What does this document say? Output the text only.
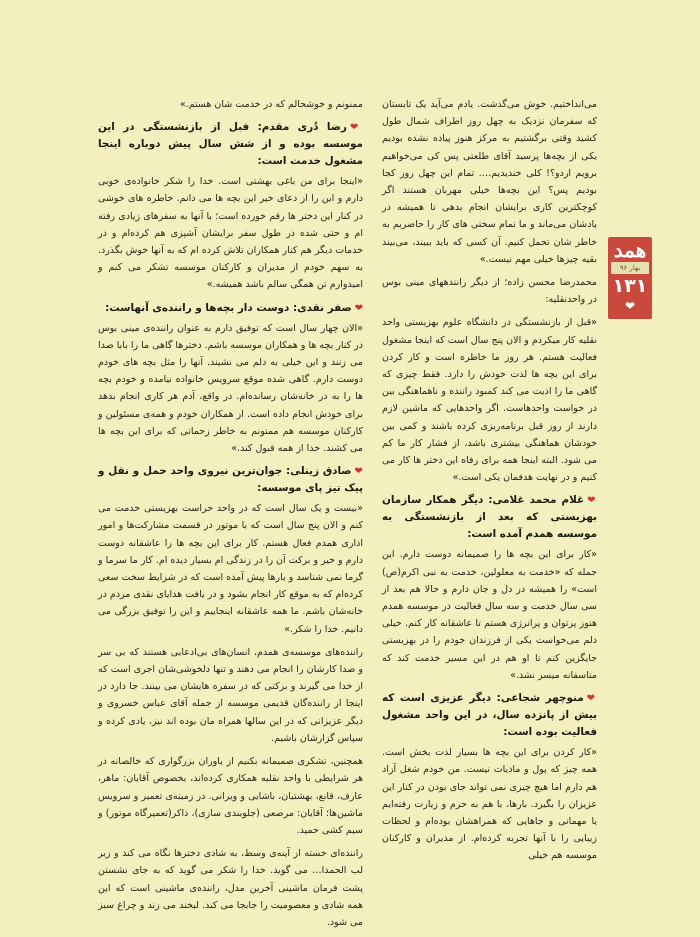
می‌انداختیم. خوش می‌گذشت. یادم می‌آید یک تابستان که سفرمان نزدیک به چهل روز اطراف شمال طول کشید وقتی برگشتیم به مرکز هنوز پیاده نشده بودیم یکی از بچه‌ها پرسید آقای طلعتی پس کی می‌خواهیم برویم اردو؟! کلی خندیدیم…. تمام این چهل روز کجا بودیم پس؟ این بچه‌ها خیلی مهربان هستند اگر کوچکترین کاری برایشان انجام بدهی تا همیشه در یادشان می‌ماند و ما تمام سختی های کار را حاضریم به خاطر شان تحمل کنیم. آن کسی که باید ببیند، می‌بیند بقیه چیزها خیلی مهم نیست.»

محمدرضا محسن زاده؛ از دیگر رانندههای مینی بوس در واحدنقلیه:

«قبل از بازنشستگی در دانشگاه علوم بهزیستی واحد نقلیه کار میکردم و الان پنج سال است که اینجا مشغول فعالیت هستم. هر روز ما خاطره است و کار کردن برای این بچه ها لذت خودش را دارد. فقط چیزی که گاهی ما را اذیت می کند کمبود راننده و ناهماهنگی بین در خواست واحدهاست. اگر واحدهایی که ماشین لازم دارند از روز قبل برنامه‌ریزی کرده باشند و کمی بین خودشان هماهنگی بیشتری باشد، از فشار کار ما کم می شود. البته اینجا همه برای رفاه این دختر ها کار می کنیم و در نهایت هدفمان یکی است.»

❤غلام محمد غلامی: دیگر همکار سازمان بهزیستی که بعد از بازنشستگی به موسسه همدم آمده است:

«کار برای این بچه ها را صمیمانه دوست دارم. این جمله که «خدمت به معلولین، خدمت به نبی اکرم(ص) است» را همیشه در دل و جان دارم و حالا هم بعد از سی سال خدمت و سه سال فعالیت در موسسه همدم هنوز پرتوان و پرانرژی هستم تا عاشقانه کار کنم. خیلی دلم می‌خواست یکی از فرزندان خودم را در بهزیستی جایگزین کنم تا او هم در این مسیر خدمت کند که متاسفانه میسر نشد.»

❤منوچهر شجاعی: دیگر عزیزی است که بیش از پانزده سال، در این واحد مشغول فعالیت بوده است:

«کار کردن برای این بچه ها بسیار لذت بخش است. همه چیز که پول و مادیات نیست. من خودم شغل آزاد هم دارم اما هیچ چیزی نمی تواند جای بودن در کنار این عزیزان را بگیرد. بارها، با هم به حرم و زیارت رفته‌ایم یا مهمانی و جاهایی که همراهشان بوده‌ام و لحظات زیبایی را با آنها تجربه کرده‌ام. از مدیران و کارکنان موسسه هم خیلی

ممنونم و خوشحالم که در خدمت شان هستم.»

❤رضا دُری مقدم: قبل از بازنشستگی در این موسسه بوده و از شش سال پیش دوباره اینجا مشغول خدمت است:

«اینجا برای من باغی بهشتی است. خدا را شکر خانواده‌ی خوبی دارم و این را از دعای خیر این بچه ها می دانم. خاطره های خوشی در کنار این دختر ها رقم خورده است؛ با آنها به سفرهای زیادی رفته ام و حتی شده در طول سفر برایشان آشپزی هم کرده‌ام و در خدمات دیگر هم کنار همکاران تلاش کرده ام که به آنها خوش بگذرد. به سهم خودم از مدیران و کارکنان موسسه تشکر می کنم و امیدوارم تن همگی سالم باشد همیشه.»

❤صفر نقدی: دوست دار بچه‌ها و راننده‌ی آنهاست:

«الان چهار سال است که توفیق دارم به عنوان راننده‌ی مینی بوس در کنار بچه ها و همکاران موسسه باشم. دخترها گاهی ما را بابا صدا می زنند و این خیلی به دلم می نشیند. آنها را مثل بچه های خودم دوست دارم. گاهی شده موقع سرویس خانواده نیامده و خودم بچه ها را به در خانه‌شان رسانده‌ام. در واقع، آدم هر کاری انجام بدهد برای خودش انجام داده است. از همکاران خودم و همه‌ی مسئولین و کارکنان موسسه هم ممنونم به خاطر زحماتی که برای این بچه ها می کشند. خدا از همه قبول کند.»

❤صادق زینلی: جوان‌ترین نیروی واحد حمل و نقل و پیک تیز پای موسسه:

«بیست و یک سال است که در واحد حراست بهزیستی خدمت می کنم و الان پنج سال است که با موتور در قسمت مشارکت‌ها و امور اداری همدم فعال هستم. کار برای این بچه ها را عاشقانه دوست دارم و خیر و برکت آن را در زندگی ام بسیار دیده ام. کار ما سرما و گرما نمی شناسد و بارها پیش آمده است که در شرایط سخت سعی کرده‌ام که به موقع کار انجام بشود و در یافت هدایای نقدی مردم در خانه‌شان باشم. ما همه عاشقانه اینجاییم و این را توفیق بزرگی می دانیم. خدا را شکر.»

راننده‌های موسسه‌ی همدم، انسان‌های بی‌ادعایی هستند که بی سر و صدا کارشان را انجام می دهند و تنها دلخوشی‌شان اجری است که از خدا می گیرند و برکتی که در سفره هایشان می بینند. جا دارد در اینجا از راننده‌گان قدیمی موسسه از جمله آقای عباس خسروی و دیگر عزیزانی که در این سالها همراه مان بوده اند نیز، یادی کرده و سپاس گزارشان باشیم.

همچنین، تشکری صمیمانه بکنیم از یاوران بزرگواری که خالصانه در هر شرایطی با واحد نقلیه همکاری کرده‌اند، بخصوص آقایان: ماهر، عارف، قانع، بهشتیان، باشایی و ویرانی. در زمینه‌ی تعمیر و سرویس ماشین‌ها؛ آقایان: مرصعی (جلوبندی سازی)، ذاکر(تعمیرگاه موتور) و سیم کشی حمید.

راننده‌ای خسته از آینه‌ی وسط، به شادی دخترها نگاه می کند و زیر لب الحمدا… می گوید. خدا را شکر می گوید که به جای نشستن پشت فرمان ماشینی آخرین مدل، راننده‌ی ماشینی است که این همه شادی و معصومیت را جابجا می کند. لبخند می زند و چراغ سبز می شود.

همد
بهار ۹۶
۱۳۱
❤
